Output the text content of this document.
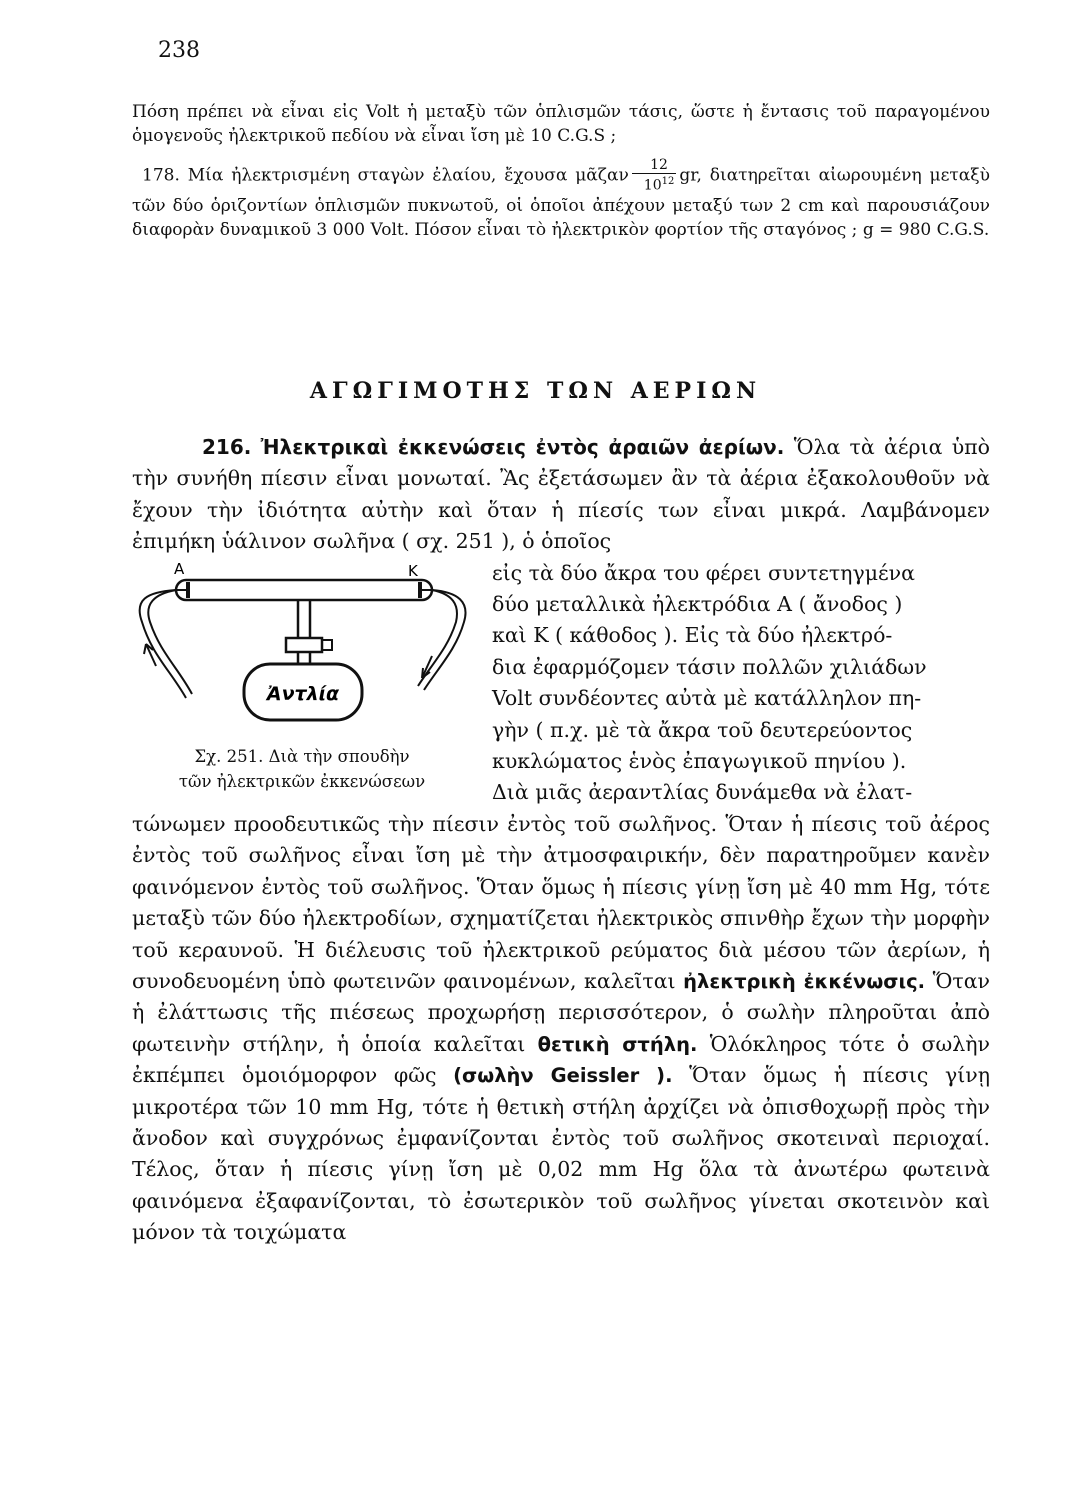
238

Πόση πρέπει νὰ εἶναι εἰς Volt ἡ μεταξὺ τῶν ὁπλισμῶν τάσις, ὥστε ἡ ἔντασις τοῦ παραγομένου ὁμογενοῦς ἠλεκτρικοῦ πεδίου νὰ εἶναι ἴση μὲ 10 C.G.S ;

178. Μία ἠλεκτρισμένη σταγὼν ἐλαίου, ἔχουσα μᾶζαν $\frac{12}{10^{12}}$ gr, διατηρεῖται αἰωρουμένη μεταξὺ τῶν δύο ὁριζοντίων ὁπλισμῶν πυκνωτοῦ, οἱ ὁποῖοι ἀπέχουν μεταξύ των 2 cm καὶ παρουσιάζουν διαφορὰν δυναμικοῦ 3 000 Volt. Πόσον εἶναι τὸ ἠλεκτρικὸν φορτίον τῆς σταγόνος ; g = 980 C.G.S.

ΑΓΩΓΙΜΟΤΗΣ ΤΩΝ ΑΕΡΙΩΝ

216. Ἠλεκτρικαὶ ἐκκενώσεις ἐντὸς ἀραιῶν ἀερίων. Ὅλα τὰ ἀέρια ὑπὸ τὴν συνήθη πίεσιν εἶναι μονωταί. Ἂς ἐξετάσωμεν ἂν τὰ ἀέρια ἐξακολουθοῦν νὰ ἔχουν τὴν ἰδιότητα αὐτὴν καὶ ὅταν ἡ πίεσίς των εἶναι μικρά. Λαμβάνομεν ἐπιμήκη ὑάλινον σωλῆνα ( σχ. 251 ), ὁ ὁποῖος

Α	Κ
Ἀντλία
Σχ. 251. Διὰ τὴν σπουδὴν
τῶν ἠλεκτρικῶν ἐκκενώσεων

εἰς τὰ δύο ἄκρα του φέρει συντετηγμένα
δύο μεταλλικὰ ἠλεκτρόδια Α ( ἄνοδος )
καὶ Κ ( κάθοδος ). Εἰς τὰ δύο ἠλεκτρό-
δια ἐφαρμόζομεν τάσιν πολλῶν χιλιάδων
Volt συνδέοντες αὐτὰ μὲ κατάλληλον πη-
γὴν ( π.χ. μὲ τὰ ἄκρα τοῦ δευτερεύοντος
κυκλώματος ἑνὸς ἐπαγωγικοῦ πηνίου ).
Διὰ μιᾶς ἀεραντλίας δυνάμεθα νὰ ἐλατ-

τώνωμεν προοδευτικῶς τὴν πίεσιν ἐντὸς τοῦ σωλῆνος. Ὅταν ἡ πίεσις τοῦ ἀέρος ἐντὸς τοῦ σωλῆνος εἶναι ἴση μὲ τὴν ἀτμοσφαιρικήν, δὲν παρατηροῦμεν κανὲν φαινόμενον ἐντὸς τοῦ σωλῆνος. Ὅταν ὅμως ἡ πίεσις γίνῃ ἴση μὲ 40 mm Hg, τότε μεταξὺ τῶν δύο ἠλεκτροδίων, σχηματίζεται ἠλεκτρικὸς σπινθὴρ ἔχων τὴν μορφὴν τοῦ κεραυνοῦ. Ἡ διέλευσις τοῦ ἠλεκτρικοῦ ρεύματος διὰ μέσου τῶν ἀερίων, ἡ συνοδευομένη ὑπὸ φωτεινῶν φαινομένων, καλεῖται ἠλεκτρικὴ ἐκκένωσις. Ὅταν ἡ ἐλάττωσις τῆς πιέσεως προχωρήσῃ περισσότερον, ὁ σωλὴν πληροῦται ἀπὸ φωτεινὴν στήλην, ἡ ὁποία καλεῖται θετικὴ στήλη. Ὁλόκληρος τότε ὁ σωλὴν ἐκπέμπει ὁμοιόμορφον φῶς (σωλὴν Geissler ). Ὅταν ὅμως ἡ πίεσις γίνῃ μικροτέρα τῶν 10 mm Hg, τότε ἡ θετικὴ στήλη ἀρχίζει νὰ ὀπισθοχωρῇ πρὸς τὴν ἄνοδον καὶ συγχρόνως ἐμφανίζονται ἐντὸς τοῦ σωλῆνος σκοτειναὶ περιοχαί. Τέλος, ὅταν ἡ πίεσις γίνῃ ἴση μὲ 0,02 mm Hg ὅλα τὰ ἀνωτέρω φωτεινὰ φαινόμενα ἐξαφανίζονται, τὸ ἐσωτερικὸν τοῦ σωλῆνος γίνεται σκοτεινὸν καὶ μόνον τὰ τοιχώματα
